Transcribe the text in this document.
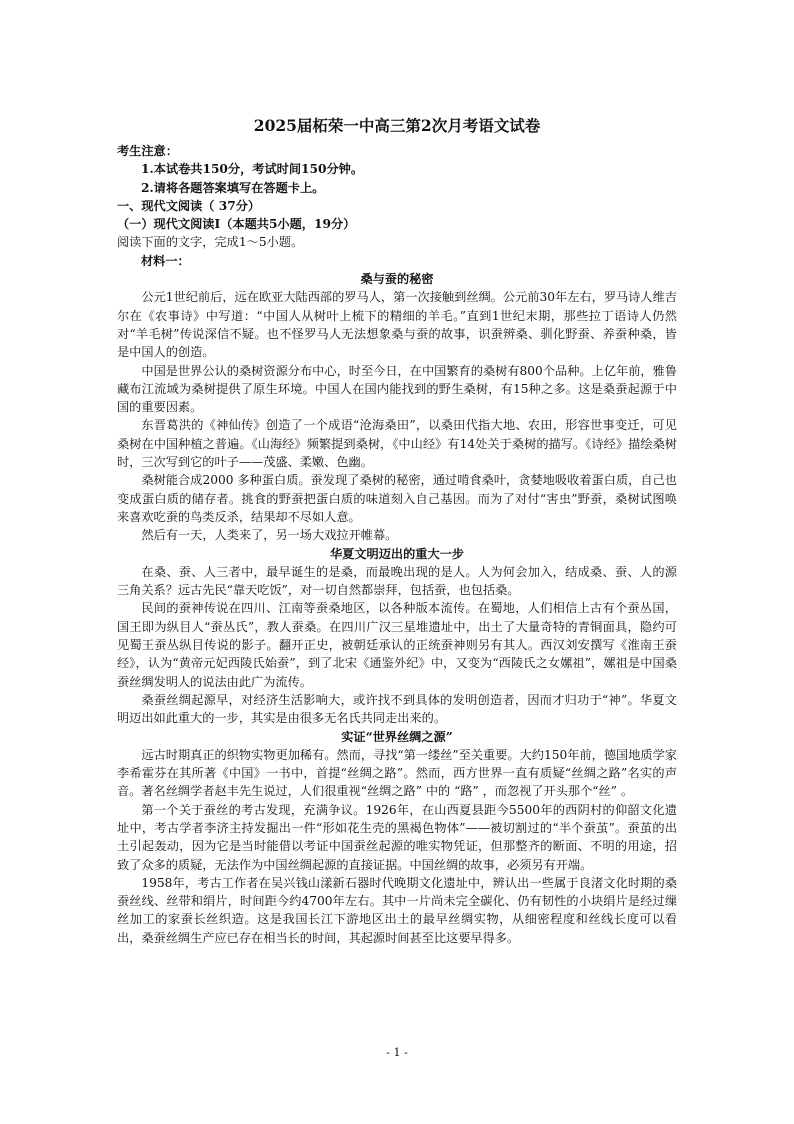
2025届柘荣一中高三第2次月考语文试卷
考生注意：
1.本试卷共150分，考试时间150分钟。
2.请将各题答案填写在答题卡上。
一、现代文阅读（ 37分）
（一）现代文阅读Ⅰ（本题共5小题，19分）
阅读下面的文字，完成1～5小题。
材料一：
桑与蚕的秘密
公元1世纪前后，远在欧亚大陆西部的罗马人，第一次接触到丝绸。公元前30年左右，罗马诗人维吉尔在《农事诗》中写道：“中国人从树叶上梳下的精细的羊毛。”直到1世纪末期，那些拉丁语诗人仍然对“羊毛树”传说深信不疑。也不怪罗马人无法想象桑与蚕的故事，识蚕辨桑、驯化野蚕、养蚕种桑，皆是中国人的创造。
中国是世界公认的桑树资源分布中心，时至今日，在中国繁育的桑树有800个品种。上亿年前，雅鲁藏布江流域为桑树提供了原生环境。中国人在国内能找到的野生桑树，有15种之多。这是桑蚕起源于中国的重要因素。
东晋葛洪的《神仙传》创造了一个成语“沧海桑田”，以桑田代指大地、农田，形容世事变迁，可见桑树在中国种植之普遍。《山海经》频繁提到桑树，《中山经》有14处关于桑树的描写。《诗经》描绘桑树时，三次写到它的叶子——茂盛、柔嫩、色幽。
桑树能合成2000 多种蛋白质。蚕发现了桑树的秘密，通过啃食桑叶，贪婪地吸收着蛋白质，自己也变成蛋白质的储存者。挑食的野蚕把蛋白质的味道刻入自己基因。而为了对付“害虫”野蚕，桑树试图唤来喜欢吃蚕的鸟类反杀，结果却不尽如人意。
然后有一天，人类来了，另一场大戏拉开帷幕。
华夏文明迈出的重大一步
在桑、蚕、人三者中，最早诞生的是桑，而最晚出现的是人。人为何会加入，结成桑、蚕、人的源三角关系？远古先民“靠天吃饭”，对一切自然都崇拜，包括蚕，也包括桑。
民间的蚕神传说在四川、江南等蚕桑地区，以各种版本流传。在蜀地，人们相信上古有个蚕丛国，国王即为纵目人“蚕丛氏”，教人蚕桑。在四川广汉三星堆遗址中，出土了大量奇特的青铜面具，隐约可见蜀王蚕丛纵目传说的影子。翻开正史，被朝廷承认的正统蚕神则另有其人。西汉刘安撰写《淮南王蚕经》，认为“黄帝元妃西陵氏始蚕”，到了北宋《通鉴外纪》中，又变为“西陵氏之女嫘祖”，嫘祖是中国桑蚕丝绸发明人的说法由此广为流传。
桑蚕丝绸起源早，对经济生活影响大，或许找不到具体的发明创造者，因而才归功于“神”。华夏文明迈出如此重大的一步，其实是由很多无名氏共同走出来的。
实证“世界丝绸之源”
远古时期真正的织物实物更加稀有。然而，寻找“第一缕丝”至关重要。大约150年前，德国地质学家李希霍芬在其所著《中国》一书中，首提“丝绸之路”。然而，西方世界一直有质疑“丝绸之路”名实的声音。著名丝绸学者赵丰先生说过，人们很重视“丝绸之路” 中的 “路” ，而忽视了开头那个“丝” 。
第一个关于蚕丝的考古发现，充满争议。1926年，在山西夏县距今5500年的西阴村的仰韶文化遗址中，考古学者李济主持发掘出一件“形如花生壳的黑褐色物体”——被切割过的“半个蚕茧”。蚕茧的出土引起轰动，因为它是当时能借以考证中国蚕丝起源的唯实物凭证，但那整齐的断面、不明的用途，招致了众多的质疑，无法作为中国丝绸起源的直接证据。中国丝绸的故事，必须另有开端。
1958年，考古工作者在吴兴钱山漾新石器时代晚期文化遗址中，辨认出一些属于良渚文化时期的桑蚕丝线、丝带和绢片，时间距今约4700年左右。其中一片尚未完全碳化、仍有韧性的小块绢片是经过缫丝加工的家蚕长丝织造。这是我国长江下游地区出土的最早丝绸实物，从细密程度和丝线长度可以看出，桑蚕丝绸生产应已存在相当长的时间，其起源时间甚至比这要早得多。
- 1 -
